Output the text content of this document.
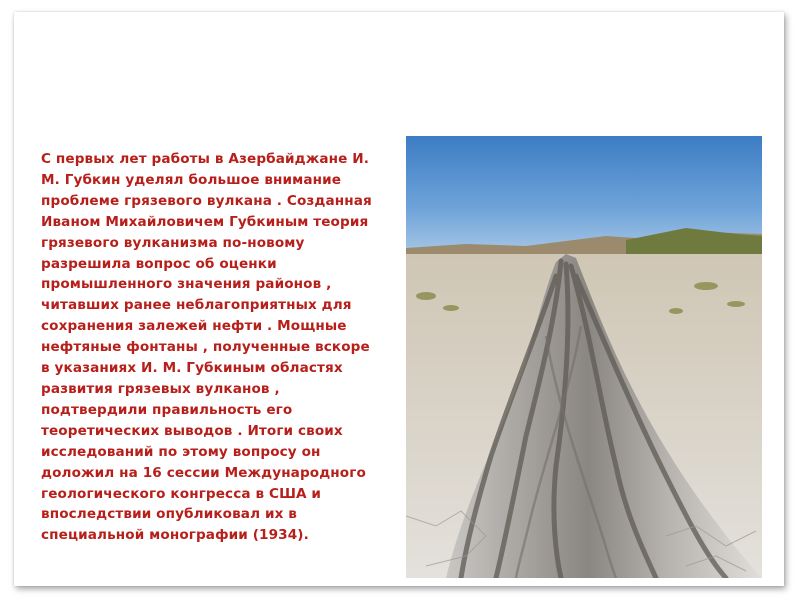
С первых лет работы в Азербайджане И.
М. Губкин уделял большое внимание
проблеме грязевого вулкана . Созданная
Иваном Михайловичем Губкиным теория
грязевого вулканизма по-новому
разрешила вопрос об оценки
промышленного значения районов ,
читавших ранее неблагоприятных для
сохранения залежей нефти . Мощные
нефтяные фонтаны , полученные вскоре
в указаниях И. М. Губкиным областях
развития грязевых вулканов ,
подтвердили правильность его
теоретических выводов . Итоги своих
исследований по этому вопросу он
доложил на 16 сессии Международного
геологического конгресса в США и
впоследствии опубликовал их в
специальной монографии (1934).
